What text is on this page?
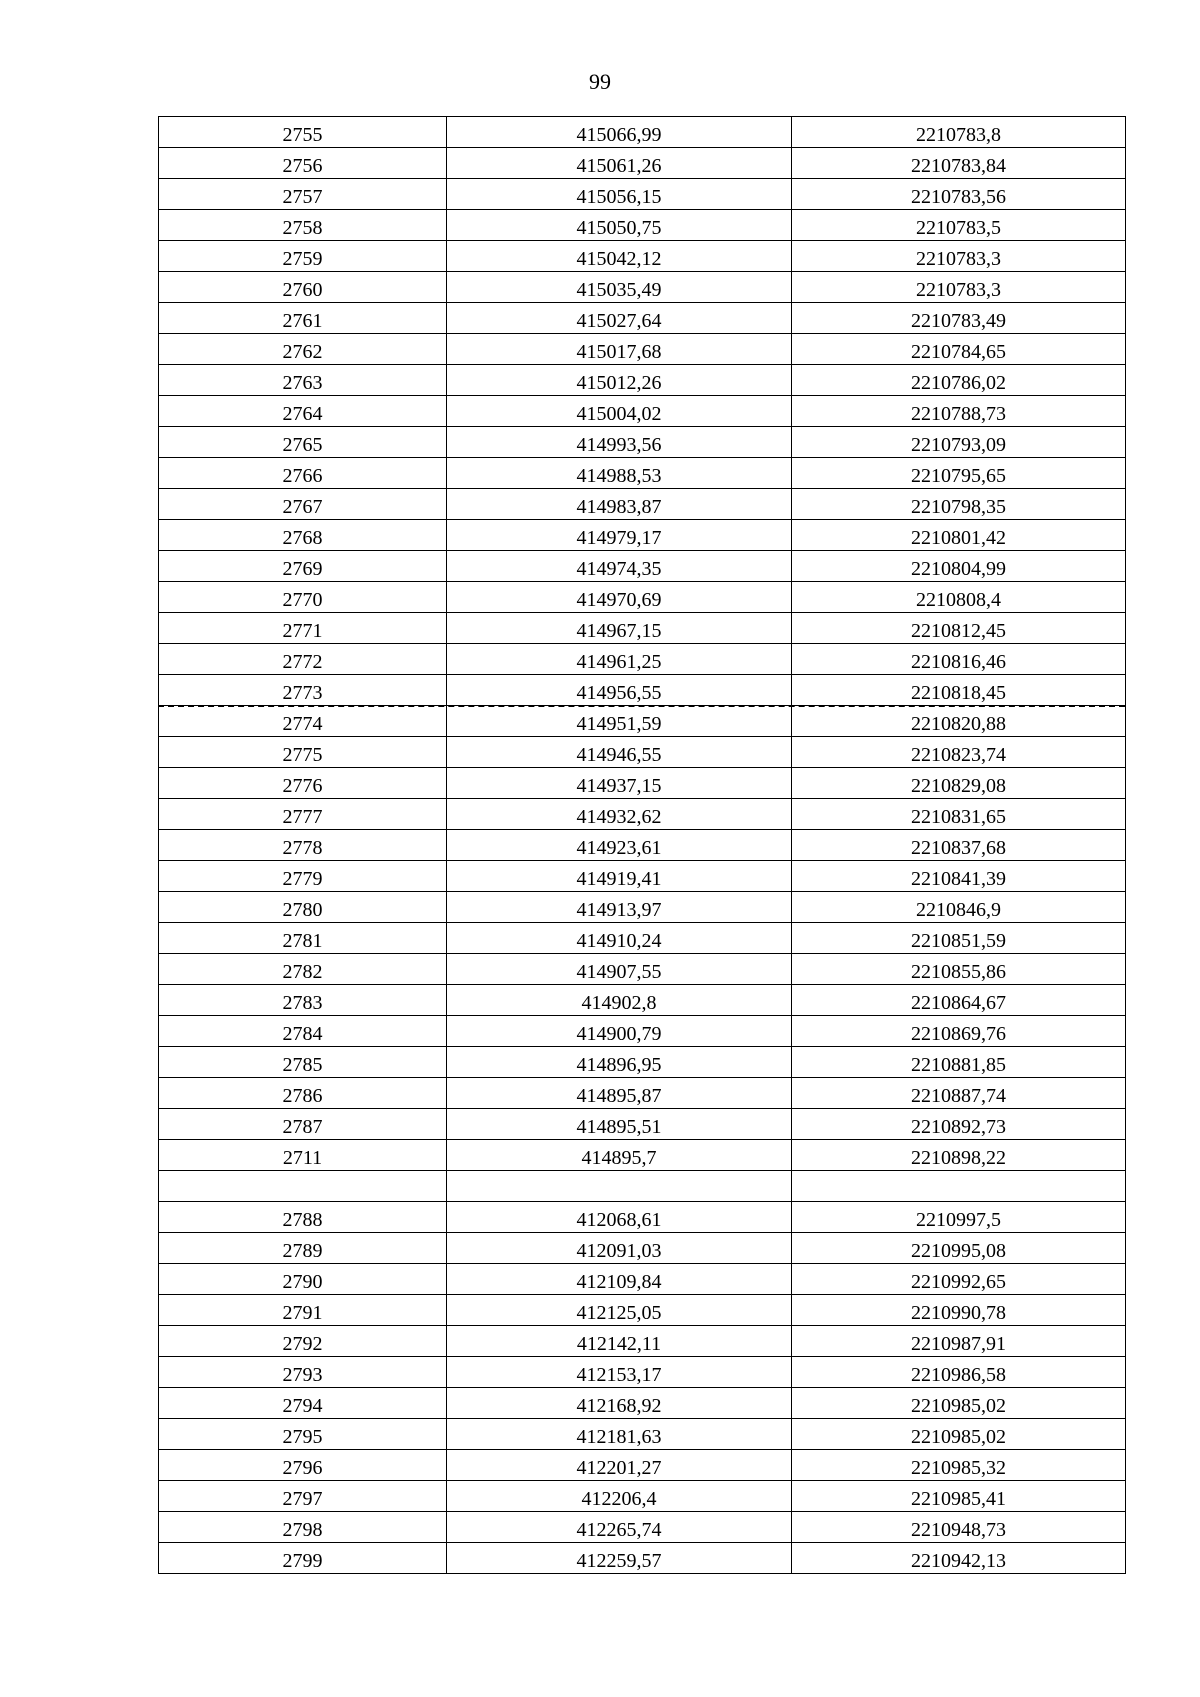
99
2755	415066,99	2210783,8
2756	415061,26	2210783,84
2757	415056,15	2210783,56
2758	415050,75	2210783,5
2759	415042,12	2210783,3
2760	415035,49	2210783,3
2761	415027,64	2210783,49
2762	415017,68	2210784,65
2763	415012,26	2210786,02
2764	415004,02	2210788,73
2765	414993,56	2210793,09
2766	414988,53	2210795,65
2767	414983,87	2210798,35
2768	414979,17	2210801,42
2769	414974,35	2210804,99
2770	414970,69	2210808,4
2771	414967,15	2210812,45
2772	414961,25	2210816,46
2773	414956,55	2210818,45
2774	414951,59	2210820,88
2775	414946,55	2210823,74
2776	414937,15	2210829,08
2777	414932,62	2210831,65
2778	414923,61	2210837,68
2779	414919,41	2210841,39
2780	414913,97	2210846,9
2781	414910,24	2210851,59
2782	414907,55	2210855,86
2783	414902,8	2210864,67
2784	414900,79	2210869,76
2785	414896,95	2210881,85
2786	414895,87	2210887,74
2787	414895,51	2210892,73
2711	414895,7	2210898,22

2788	412068,61	2210997,5
2789	412091,03	2210995,08
2790	412109,84	2210992,65
2791	412125,05	2210990,78
2792	412142,11	2210987,91
2793	412153,17	2210986,58
2794	412168,92	2210985,02
2795	412181,63	2210985,02
2796	412201,27	2210985,32
2797	412206,4	2210985,41
2798	412265,74	2210948,73
2799	412259,57	2210942,13
